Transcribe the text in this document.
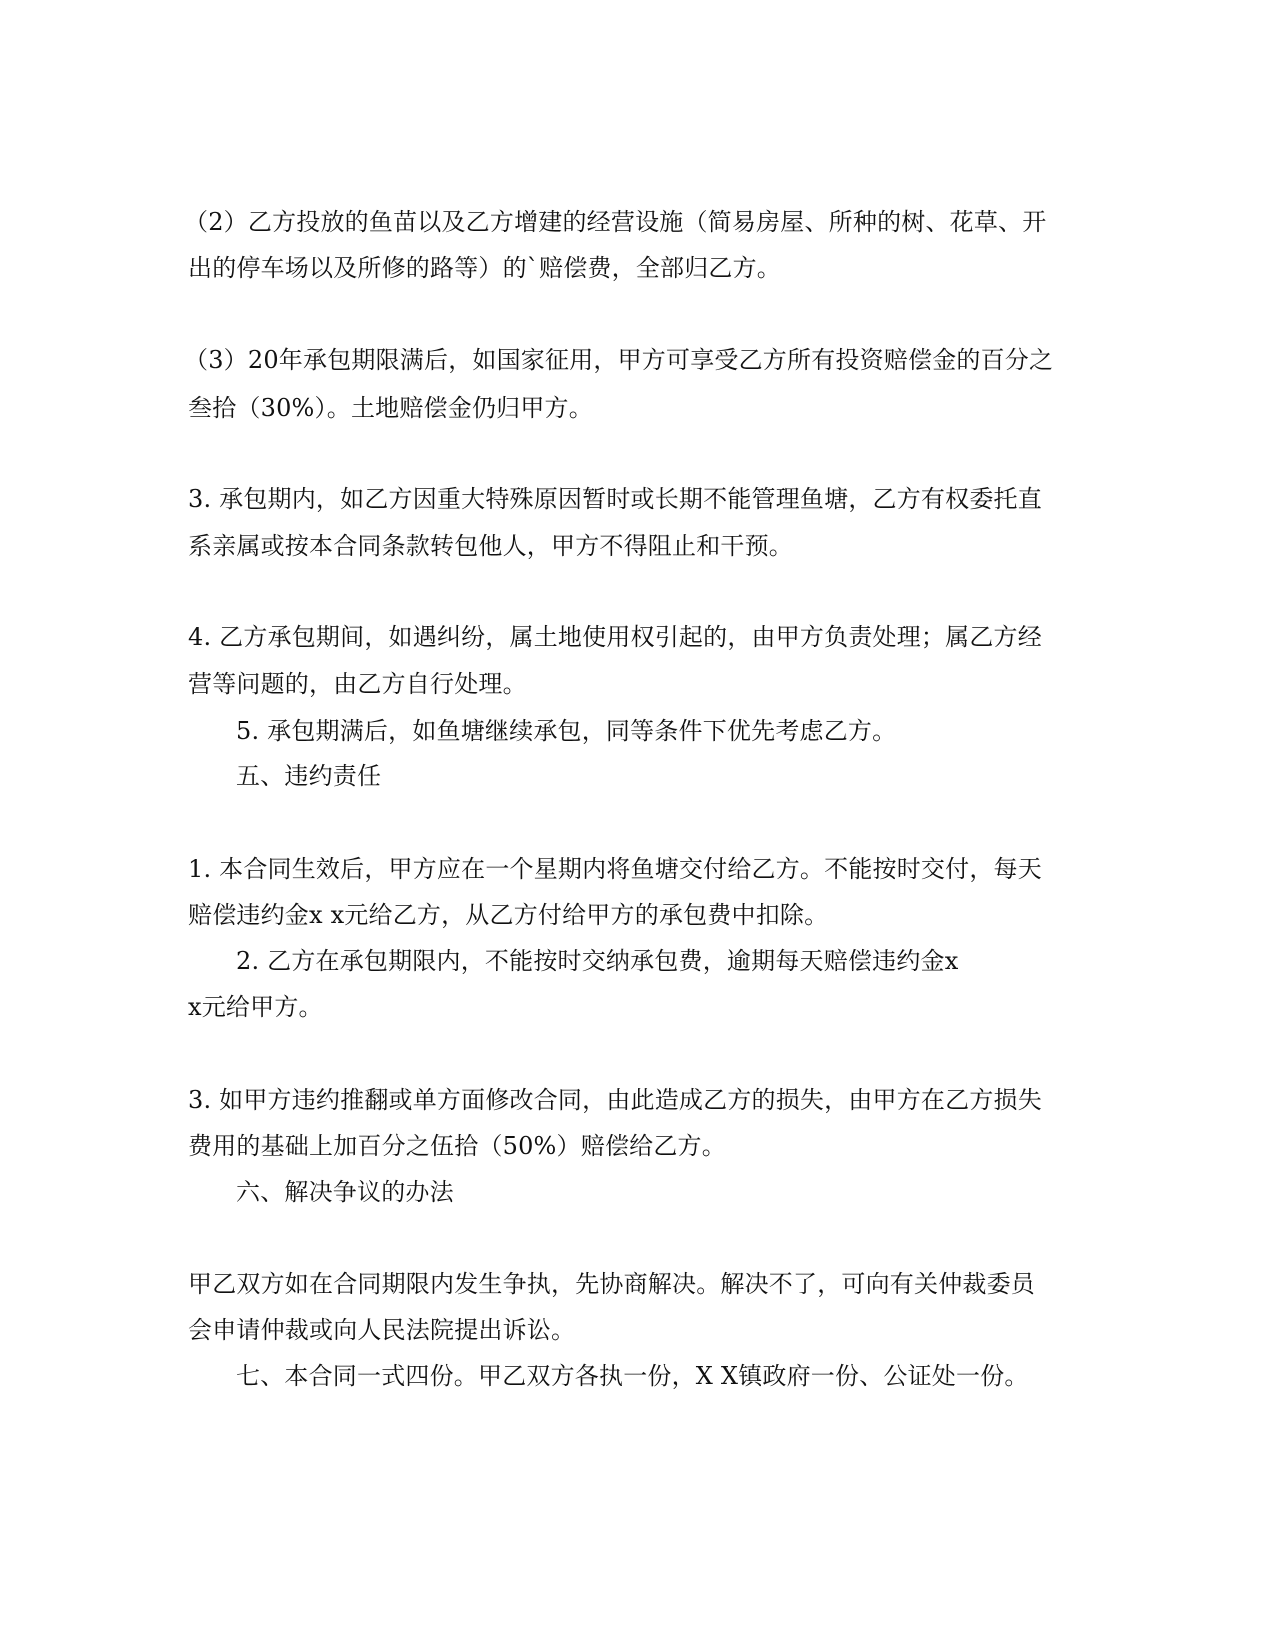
（2）乙方投放的鱼苗以及乙方增建的经营设施（简易房屋、所种的树、花草、开
出的停车场以及所修的路等）的`赔偿费，全部归乙方。
（3）20年承包期限满后，如国家征用，甲方可享受乙方所有投资赔偿金的百分之
叁拾（30%）。土地赔偿金仍归甲方。
3. 承包期内，如乙方因重大特殊原因暂时或长期不能管理鱼塘，乙方有权委托直
系亲属或按本合同条款转包他人，甲方不得阻止和干预。
4. 乙方承包期间，如遇纠纷，属土地使用权引起的，由甲方负责处理；属乙方经
营等问题的，由乙方自行处理。
5. 承包期满后，如鱼塘继续承包，同等条件下优先考虑乙方。
五、违约责任
1. 本合同生效后，甲方应在一个星期内将鱼塘交付给乙方。不能按时交付，每天
赔偿违约金x x元给乙方，从乙方付给甲方的承包费中扣除。
2. 乙方在承包期限内，不能按时交纳承包费，逾期每天赔偿违约金x
x元给甲方。
3. 如甲方违约推翻或单方面修改合同，由此造成乙方的损失，由甲方在乙方损失
费用的基础上加百分之伍拾（50%）赔偿给乙方。
六、解决争议的办法
甲乙双方如在合同期限内发生争执，先协商解决。解决不了，可向有关仲裁委员
会申请仲裁或向人民法院提出诉讼。
七、本合同一式四份。甲乙双方各执一份，X X镇政府一份、公证处一份。
